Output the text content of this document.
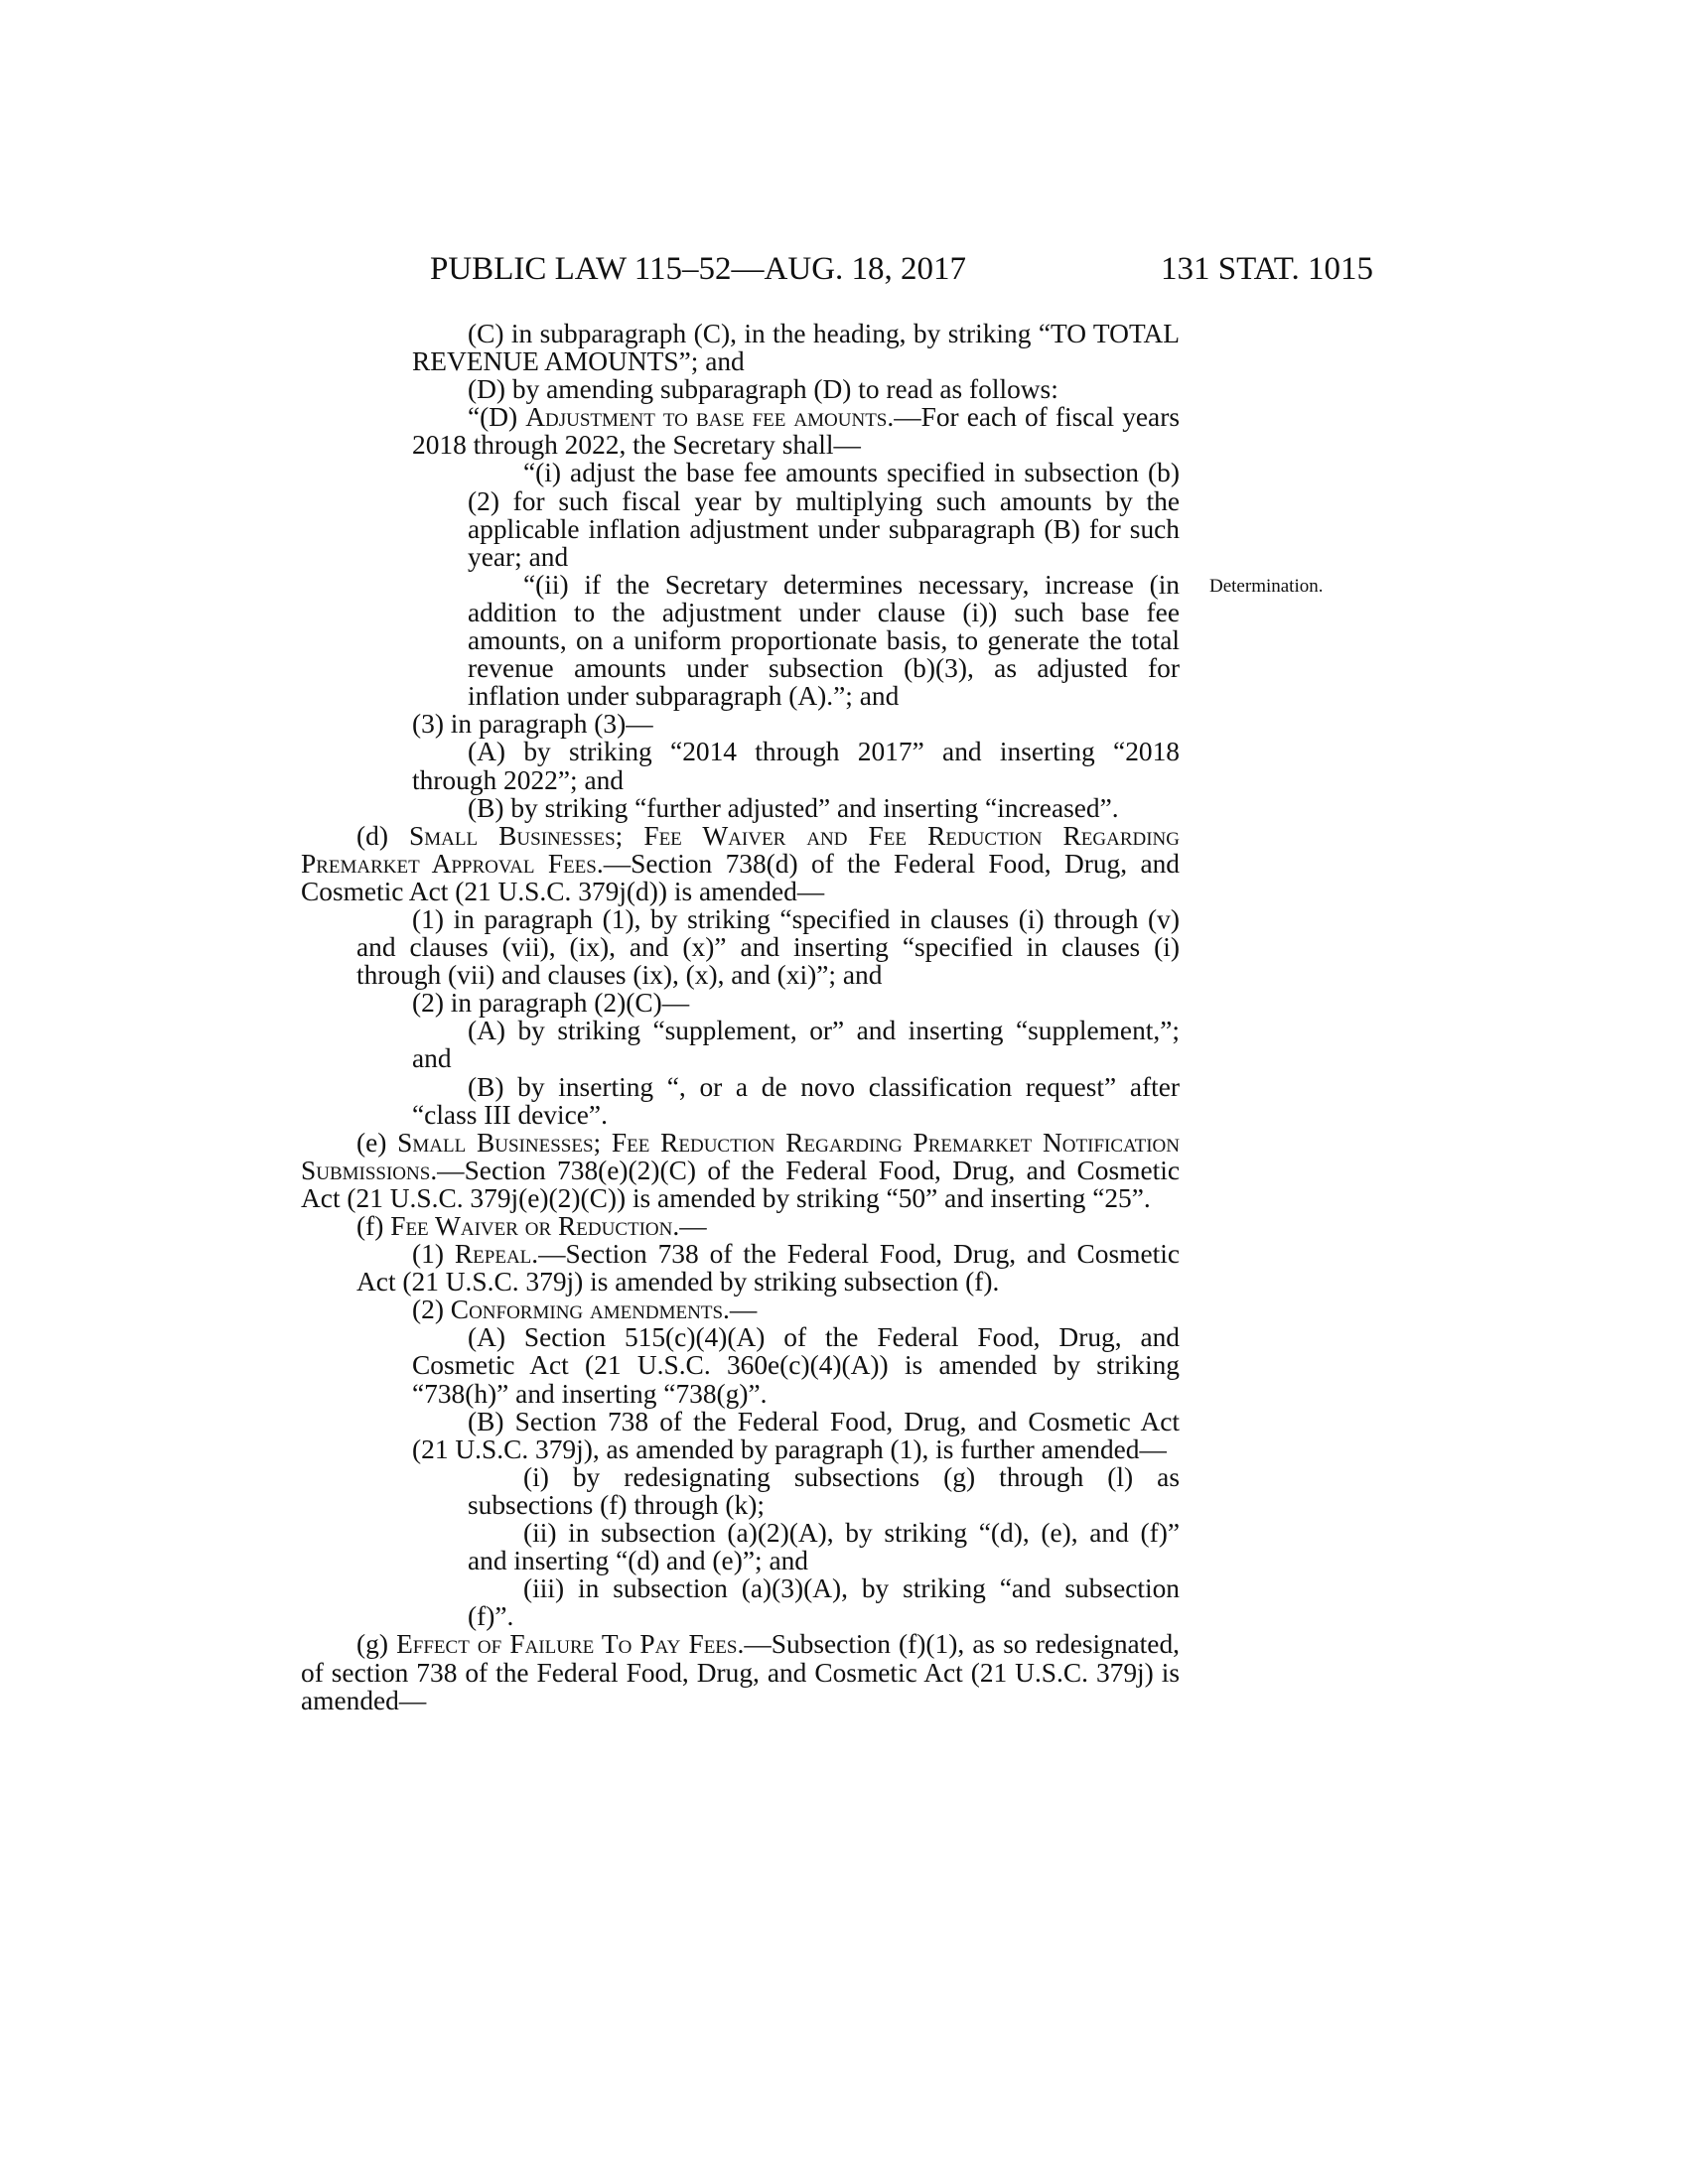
PUBLIC LAW 115–52—AUG. 18, 2017	131 STAT. 1015
Determination.

(C) in subparagraph (C), in the heading, by striking “TO TOTAL REVENUE AMOUNTS”; and

(D) by amending subparagraph (D) to read as follows:

“(D) Adjustment to base fee amounts.—For each of fiscal years 2018 through 2022, the Secretary shall—

“(i) adjust the base fee amounts specified in subsection (b)(2) for such fiscal year by multiplying such amounts by the applicable inflation adjustment under subparagraph (B) for such year; and

“(ii) if the Secretary determines necessary, increase (in addition to the adjustment under clause (i)) such base fee amounts, on a uniform proportionate basis, to generate the total revenue amounts under subsection (b)(3), as adjusted for inflation under subparagraph (A).”; and

(3) in paragraph (3)—

(A) by striking “2014 through 2017” and inserting “2018 through 2022”; and

(B) by striking “further adjusted” and inserting “increased”.

(d) Small Businesses; Fee Waiver and Fee Reduction Regarding Premarket Approval Fees.—Section 738(d) of the Federal Food, Drug, and Cosmetic Act (21 U.S.C. 379j(d)) is amended—

(1) in paragraph (1), by striking “specified in clauses (i) through (v) and clauses (vii), (ix), and (x)” and inserting “specified in clauses (i) through (vii) and clauses (ix), (x), and (xi)”; and

(2) in paragraph (2)(C)—

(A) by striking “supplement, or” and inserting “supplement,”; and

(B) by inserting “, or a de novo classification request” after “class III device”.

(e) Small Businesses; Fee Reduction Regarding Premarket Notification Submissions.—Section 738(e)(2)(C) of the Federal Food, Drug, and Cosmetic Act (21 U.S.C. 379j(e)(2)(C)) is amended by striking “50” and inserting “25”.

(f) Fee Waiver or Reduction.—

(1) Repeal.—Section 738 of the Federal Food, Drug, and Cosmetic Act (21 U.S.C. 379j) is amended by striking subsection (f).

(2) Conforming amendments.—

(A) Section 515(c)(4)(A) of the Federal Food, Drug, and Cosmetic Act (21 U.S.C. 360e(c)(4)(A)) is amended by striking “738(h)” and inserting “738(g)”.

(B) Section 738 of the Federal Food, Drug, and Cosmetic Act (21 U.S.C. 379j), as amended by paragraph (1), is further amended—

(i) by redesignating subsections (g) through (l) as subsections (f) through (k);

(ii) in subsection (a)(2)(A), by striking “(d), (e), and (f)” and inserting “(d) and (e)”; and

(iii) in subsection (a)(3)(A), by striking “and subsection (f)”.

(g) Effect of Failure To Pay Fees.—Subsection (f)(1), as so redesignated, of section 738 of the Federal Food, Drug, and Cosmetic Act (21 U.S.C. 379j) is amended—
